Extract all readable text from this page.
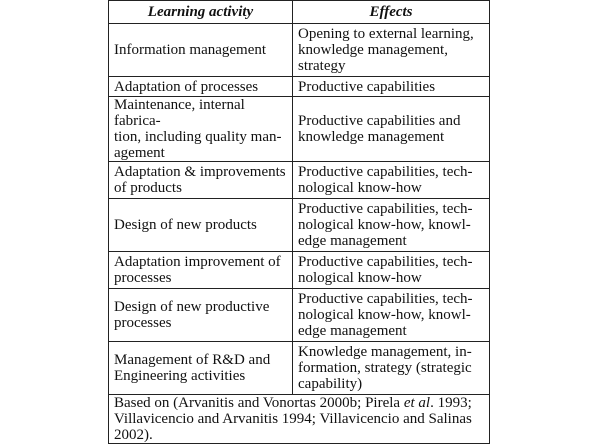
Learning activity	Effects

Information management	Opening to external learning,
knowledge management,
strategy

Adaptation of processes	Productive capabilities

Maintenance, internal fabrica-
tion, including quality man-
agement	Productive capabilities and
knowledge management

Adaptation & improvements
of products	Productive capabilities, tech-
nological know-how

Design of new products	Productive capabilities, tech-
nological know-how, knowl-
edge management

Adaptation improvement of
processes	Productive capabilities, tech-
nological know-how

Design of new productive
processes	Productive capabilities, tech-
nological know-how, knowl-
edge management

Management of R&D and
Engineering activities	Knowledge management, in-
formation, strategy (strategic
capability)

Based on (Arvanitis and Vonortas 2000b; Pirela et al. 1993;
Villavicencio and Arvanitis 1994; Villavicencio and Salinas
2002).	
